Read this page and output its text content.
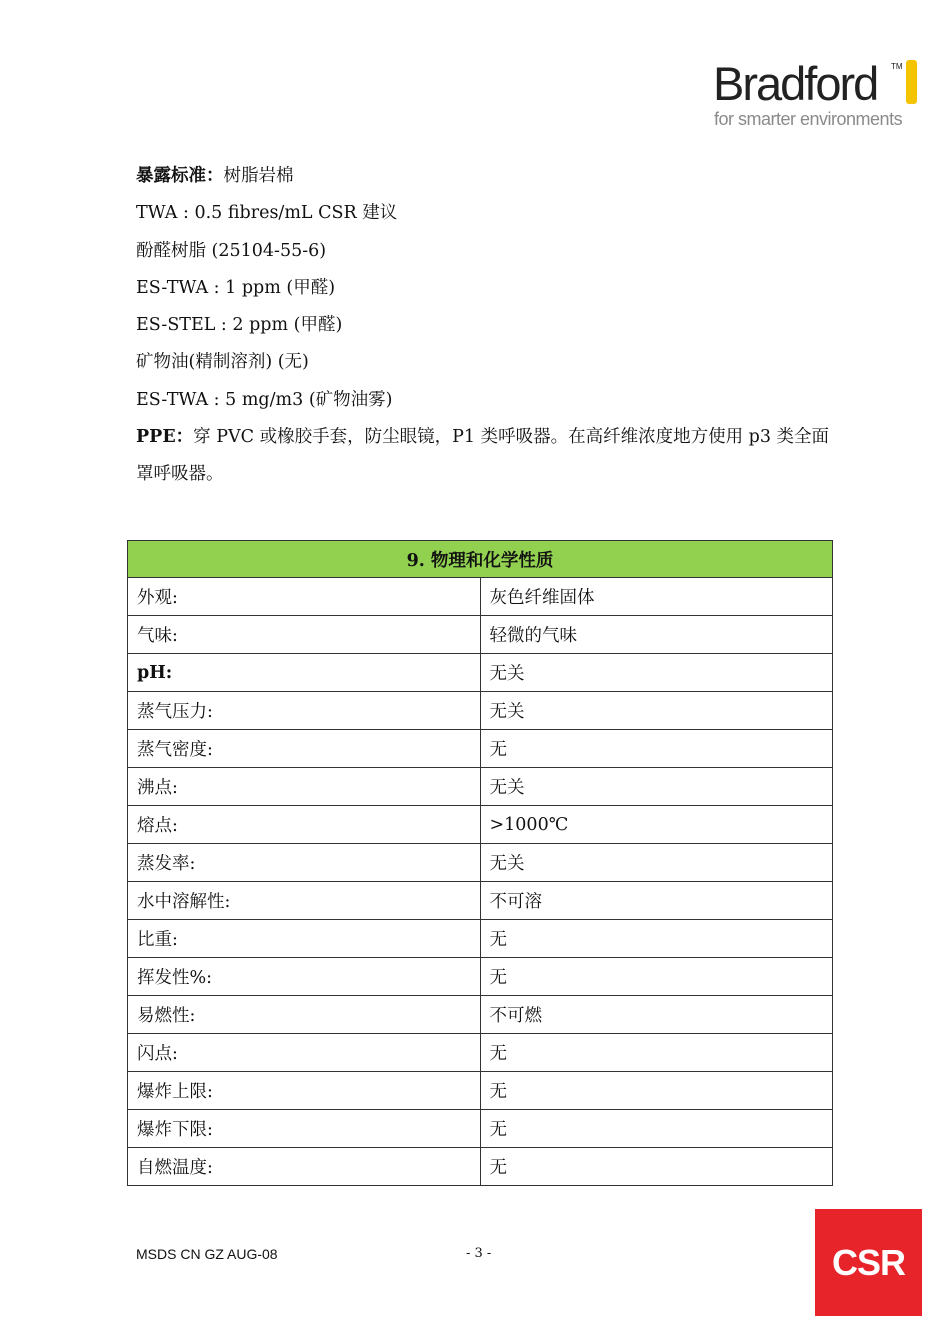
Bradford TM
for smarter environments
暴露标准：树脂岩棉
TWA : 0.5 fibres/mL CSR 建议
酚醛树脂 (25104-55-6)
ES-TWA : 1 ppm (甲醛)
ES-STEL : 2 ppm (甲醛)
矿物油(精制溶剂) (无)
ES-TWA : 5 mg/m3 (矿物油雾)
PPE：穿 PVC 或橡胶手套，防尘眼镜，P1 类呼吸器。在高纤维浓度地方使用 p3 类全面罩呼吸器。
9. 物理和化学性质	
外观:	灰色纤维固体
气味:	轻微的气味
pH:	无关
蒸气压力:	无关
蒸气密度:	无
沸点:	无关
熔点:	>1000℃
蒸发率:	无关
水中溶解性:	不可溶
比重:	无
挥发性%:	无
易燃性:	不可燃
闪点:	无
爆炸上限:	无
爆炸下限:	无
自燃温度:	无
MSDS CN GZ AUG-08	- 3 -	CSR
